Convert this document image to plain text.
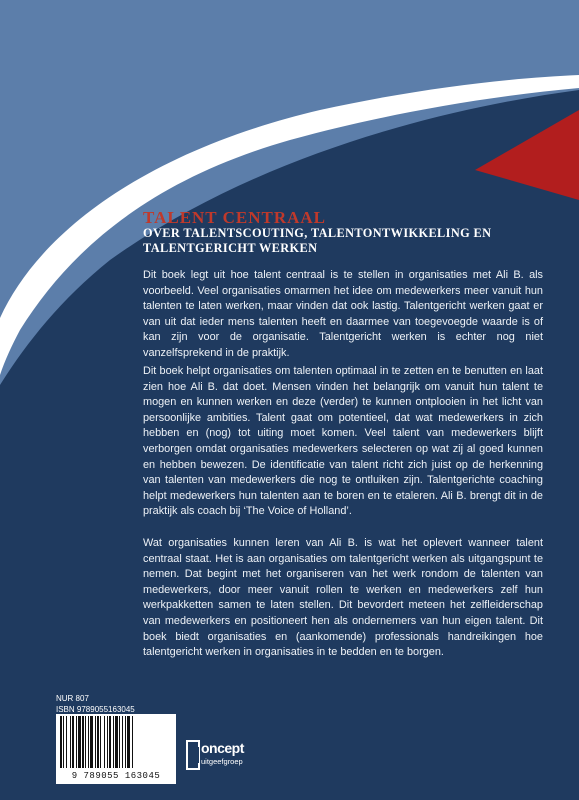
TALENT CENTRAAL
OVER TALENTSCOUTING, TALENTONTWIKKELING EN TALENTGERICHT WERKEN

Dit boek legt uit hoe talent centraal is te stellen in organisaties met Ali B. als voorbeeld. Veel organisaties omarmen het idee om medewerkers meer vanuit hun talenten te laten werken, maar vinden dat ook lastig. Talentgericht werken gaat er van uit dat ieder mens talenten heeft en daarmee van toegevoegde waarde is of kan zijn voor de organisatie. Talentgericht werken is echter nog niet vanzelfsprekend in de praktijk.

Dit boek helpt organisaties om talenten optimaal in te zetten en te benutten en laat zien hoe Ali B. dat doet. Mensen vinden het belangrijk om vanuit hun talent te mogen en kunnen werken en deze (verder) te kunnen ontplooien in het licht van persoonlijke ambities. Talent gaat om potentieel, dat wat medewerkers in zich hebben en (nog) tot uiting moet komen. Veel talent van medewerkers blijft verborgen omdat organisaties medewerkers selecteren op wat zij al goed kunnen en hebben bewezen. De identificatie van talent richt zich juist op de herkenning van talenten van medewerkers die nog te ontluiken zijn. Talentgerichte coaching helpt medewerkers hun talenten aan te boren en te etaleren. Ali B. brengt dit in de praktijk als coach bij ‘The Voice of Holland’.

Wat organisaties kunnen leren van Ali B. is wat het oplevert wanneer talent centraal staat. Het is aan organisaties om talentgericht werken als uitgangspunt te nemen. Dat begint met het organiseren van het werk rondom de talenten van medewerkers, door meer vanuit rollen te werken en medewerkers zelf hun werkpakketten samen te laten stellen. Dit bevordert meteen het zelfleiderschap van medewerkers en positioneert hen als ondernemers van hun eigen talent. Dit boek biedt organisaties en (aankomende) professionals handreikingen hoe talentgericht werken in organisaties in te bedden en te borgen.

NUR 807
ISBN 9789055163045
9 789055 163045
oncept
uitgeefgroep
